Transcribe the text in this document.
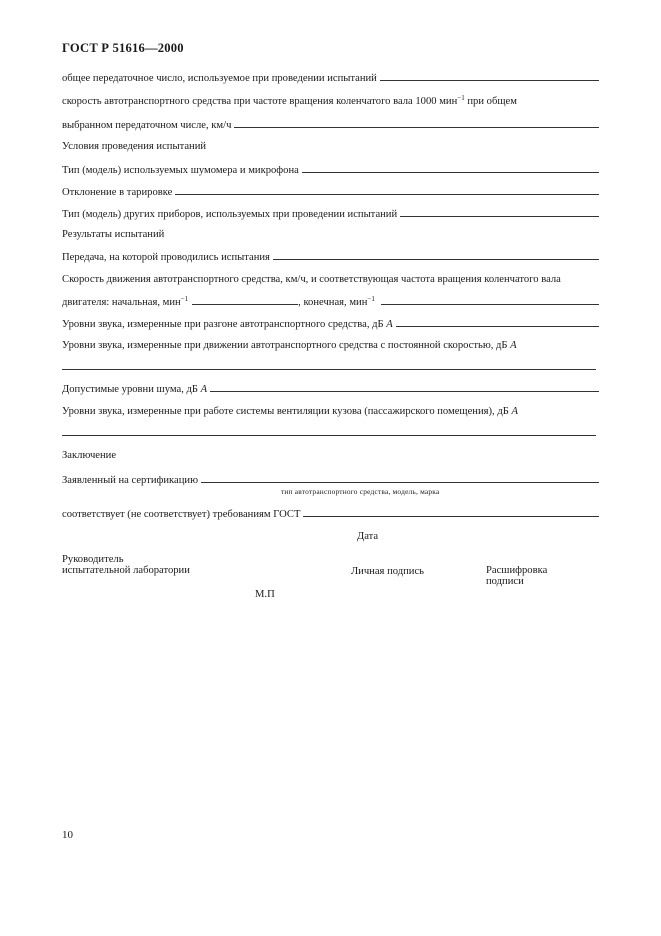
ГОСТ Р 51616—2000
общее передаточное число, используемое при проведении испытаний
скорость автотранспортного средства при частоте вращения коленчатого вала 1000 мин$^{-1}$ при общем
выбранном передаточном числе, км/ч
Условия проведения испытаний
Тип (модель) используемых шумомера и микрофона
Отклонение в тарировке
Тип (модель) других приборов, используемых при проведении испытаний
Результаты испытаний
Передача, на которой проводились испытания
Скорость движения автотранспортного средства, км/ч, и соответствующая частота вращения коленчатого вала
двигателя: начальная, мин$^{-1}$	, конечная, мин$^{-1}$
Уровни звука, измеренные при разгоне автотранспортного средства, дБ А
Уровни звука, измеренные при движении автотранспортного средства с постоянной скоростью, дБ А
Допустимые уровни шума, дБ А
Уровни звука, измеренные при работе системы вентиляции кузова (пассажирского помещения), дБ А
Заключение
Заявленный на сертификацию
тип автотранспортного средства, модель, марка
соответствует (не соответствует) требованиям ГОСТ
Дата
Руководитель
испытательной лаборатории	Личная подпись	Расшифровка
подписи
М.П
10
